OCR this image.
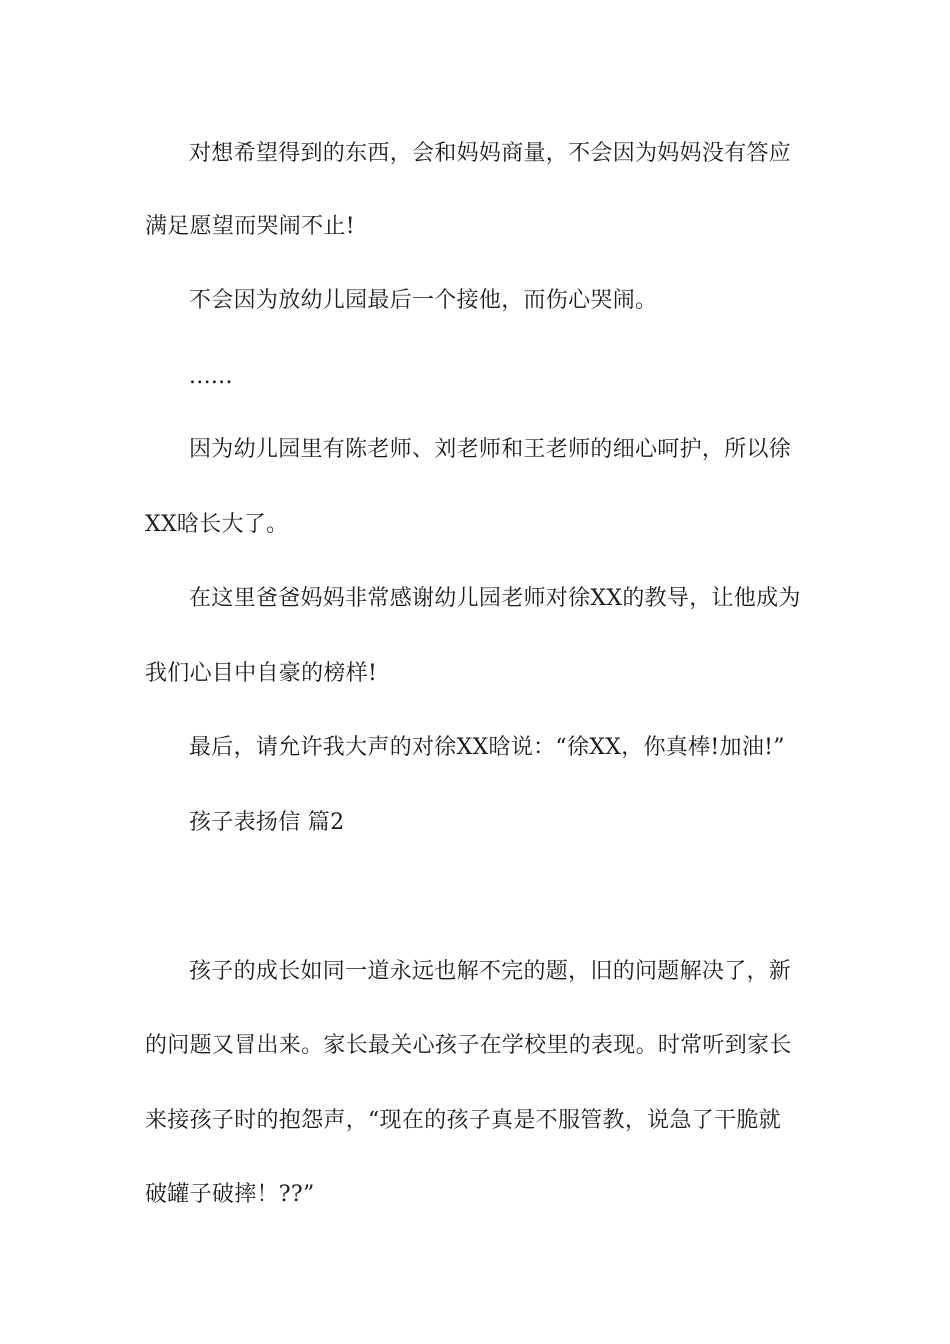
对想希望得到的东西，会和妈妈商量，不会因为妈妈没有答应
满足愿望而哭闹不止!
不会因为放幼儿园最后一个接他，而伤心哭闹。
......
因为幼儿园里有陈老师、刘老师和王老师的细心呵护，所以徐
XX晗长大了。
在这里爸爸妈妈非常感谢幼儿园老师对徐XX的教导，让他成为
我们心目中自豪的榜样!
最后，请允许我大声的对徐XX晗说：“徐XX，你真棒!加油!”
孩子表扬信 篇2
孩子的成长如同一道永远也解不完的题，旧的问题解决了，新
的问题又冒出来。家长最关心孩子在学校里的表现。时常听到家长
来接孩子时的抱怨声，“现在的孩子真是不服管教，说急了干脆就
破罐子破摔！??”
